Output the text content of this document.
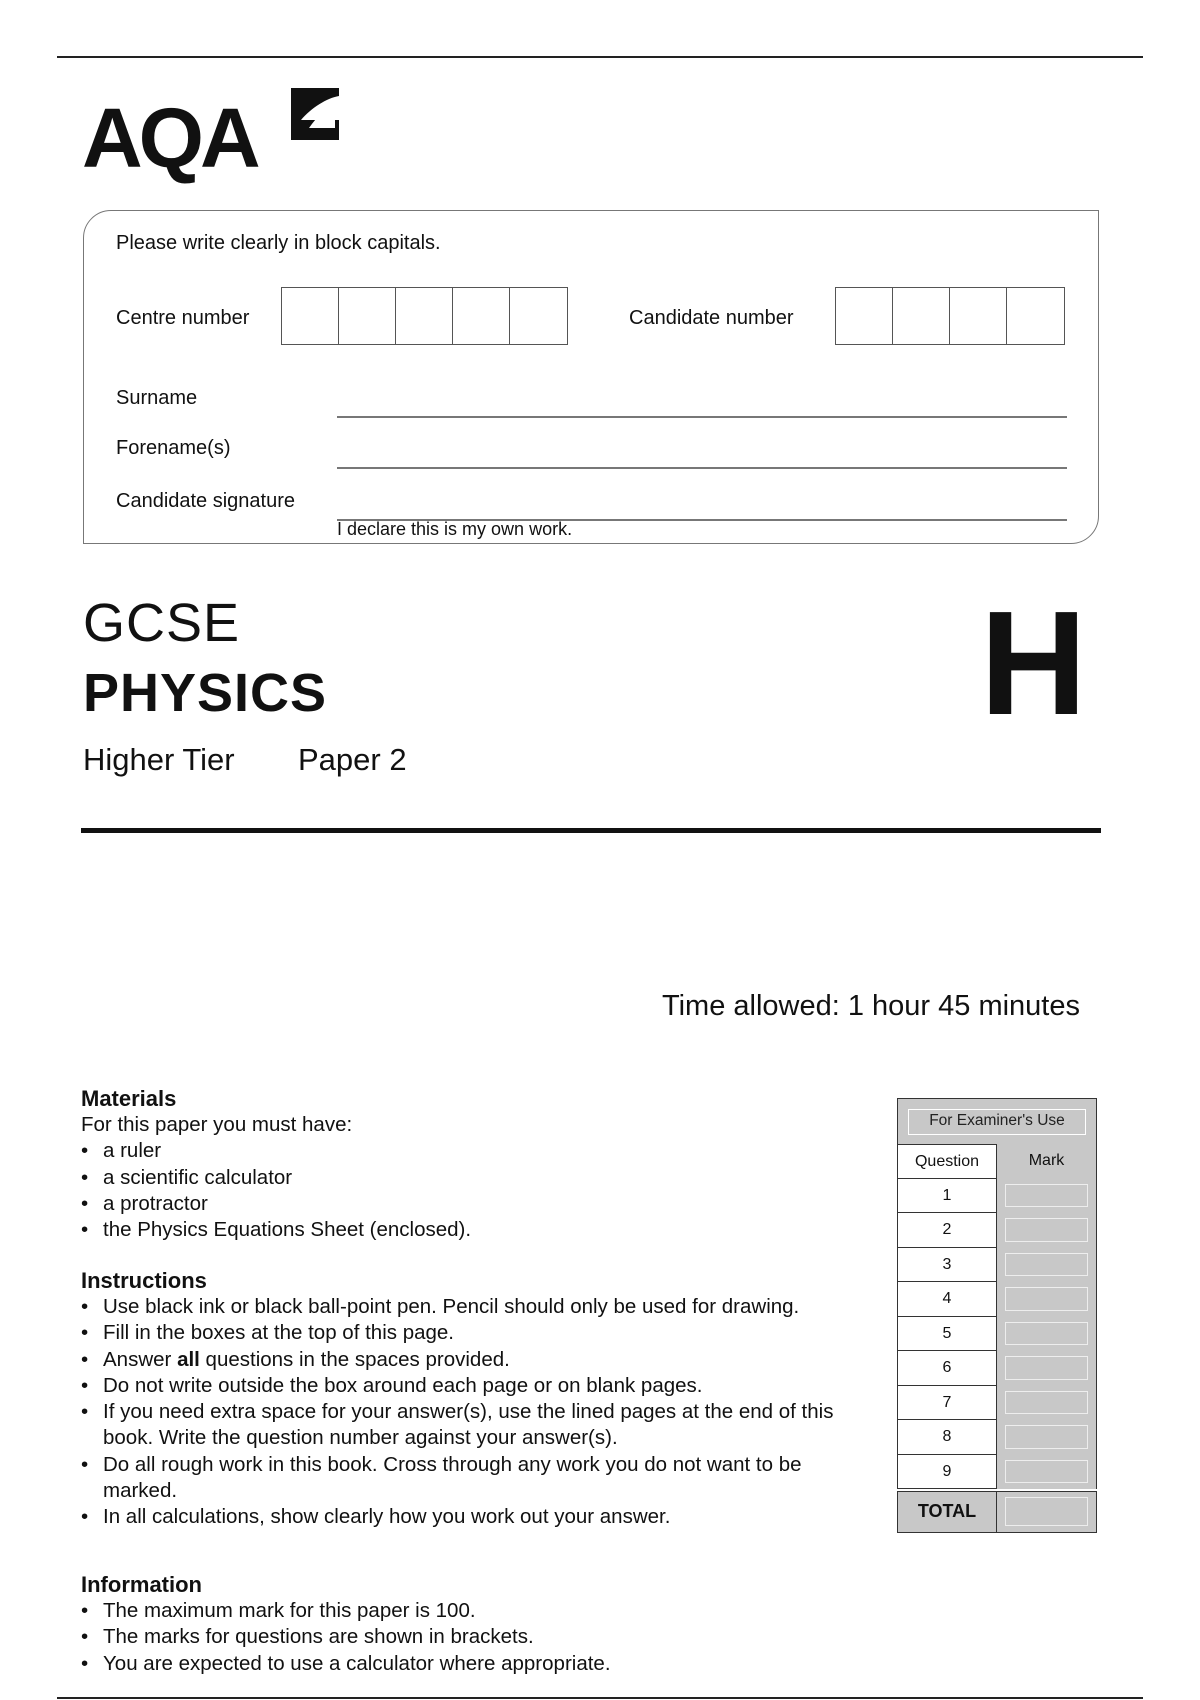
AQA
Please write clearly in block capitals.
Centre number	Candidate number
Surname
Forename(s)
Candidate signature
I declare this is my own work.
GCSE
PHYSICS
Higher Tier Paper 2
H
Time allowed: 1 hour 45 minutes
Materials

For this paper you must have:

• a ruler
• a scientific calculator
• a protractor
• the Physics Equations Sheet (enclosed).
Instructions
• Use black ink or black ball-point pen. Pencil should only be used for drawing.
• Fill in the boxes at the top of this page.
• Answer all questions in the spaces provided.
• Do not write outside the box around each page or on blank pages.
• If you need extra space for your answer(s), use the lined pages at the end of this book. Write the question number against your answer(s).
• Do all rough work in this book. Cross through any work you do not want to be marked.
• In all calculations, show clearly how you work out your answer.
Information
• The maximum mark for this paper is 100.
• The marks for questions are shown in brackets.
• You are expected to use a calculator where appropriate.
For Examiner's Use
Question	Mark
1
2
3
4
5
6
7
8
9
TOTAL
